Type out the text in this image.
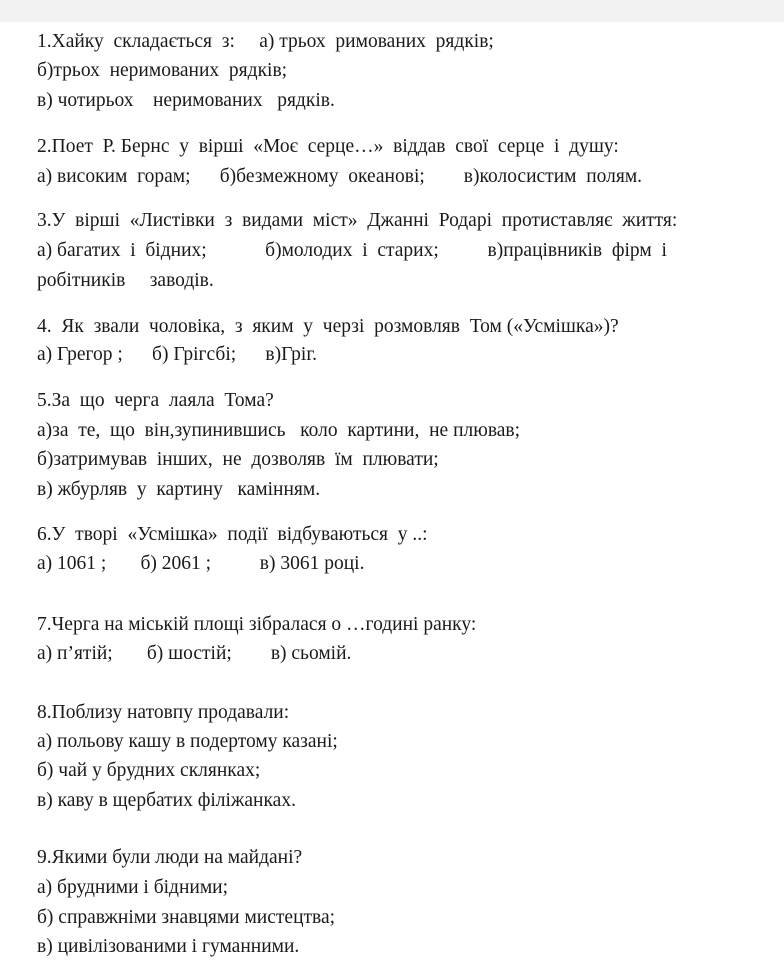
1.Хайку  складається  з:     а) трьох  римованих  рядків;
б)трьох  неримованих  рядків;
в) чотирьох    неримованих   рядків.
2.Поет  Р. Бернс  у  вірші  «Моє  серце…»  віддав  свої  серце  і  душу:
а) високим  горам;      б)безмежному  океанові;        в)колосистим  полям.
3.У  вірші  «Листівки  з  видами  міст»  Джанні  Родарі  протиставляє  життя:
а) багатих  і  бідних;            б)молодих  і  старих;          в)працівників  фірм  і
робітників     заводів.
4.  Як  звали  чоловіка,  з  яким  у  черзі  розмовляв  Том («Усмішка»)?
а) Грегор ;      б) Грігсбі;      в)Гріг.
5.За  що  черга  лаяла  Тома?
а)за  те,  що  він,зупинившись   коло  картини,  не плював;
б)затримував  інших,  не  дозволяв  їм  плювати;
в) жбурляв  у  картину   камінням.
6.У  творі  «Усмішка»  події  відбуваються  у ..:
а) 1061 ;       б) 2061 ;          в) 3061 році.
7.Черга на міській площі зібралася о …годині ранку:
а) п’ятій;       б) шостій;        в) сьомій.
8.Поблизу натовпу продавали:
а) польову кашу в подертому казані;
б) чай у брудних склянках;
в) каву в щербатих філіжанках.
9.Якими були люди на майдані?
а) брудними і бідними;
б) справжніми знавцями мистецтва;
в) цивілізованими і гуманними.
